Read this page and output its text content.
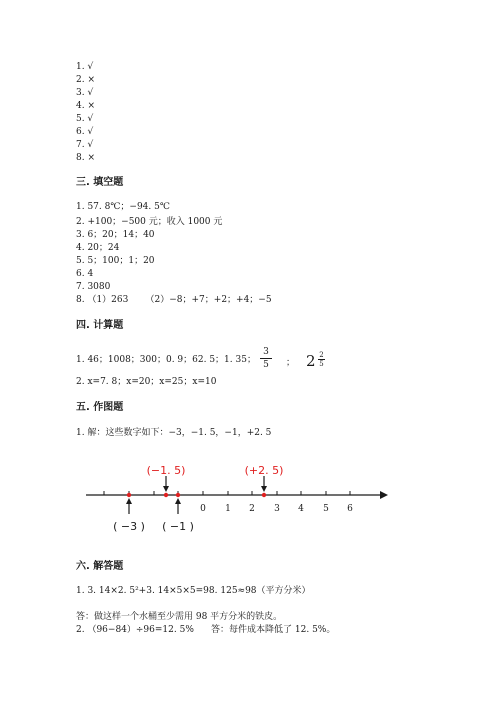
1. √
2. ×
3. √
4. ×
5. √
6. √
7. √
8. ×
三. 填空题
1. 57. 8℃；−94. 5℃
2. +100；−500 元；收入 1000 元
3. 6；20；14；40
4. 20；24
5. 5；100；1；20
6. 4
7. 3080
8. （1）263      （2）−8；+7；+2；+4；−5
四. 计算题
1. 46；1008；300；0. 9；62. 5；1. 35；
3
5	； 2 2
5
2. x=7. 8；x=20；x=25；x=10
五. 作图题
1. 解：这些数字如下：−3，−1. 5，−1，+2. 5
0 1 2 3 4 5 6
(−1. 5)	(+2. 5)
( −3 ) ( −1 )
六. 解答题
1. 3. 14×2. 5²+3. 14×5×5=98. 125≈98（平方分米）
答：做这样一个水桶至少需用 98 平方分米的铁皮。
2. （96−84）÷96=12. 5%      答：每件成本降低了 12. 5%。
